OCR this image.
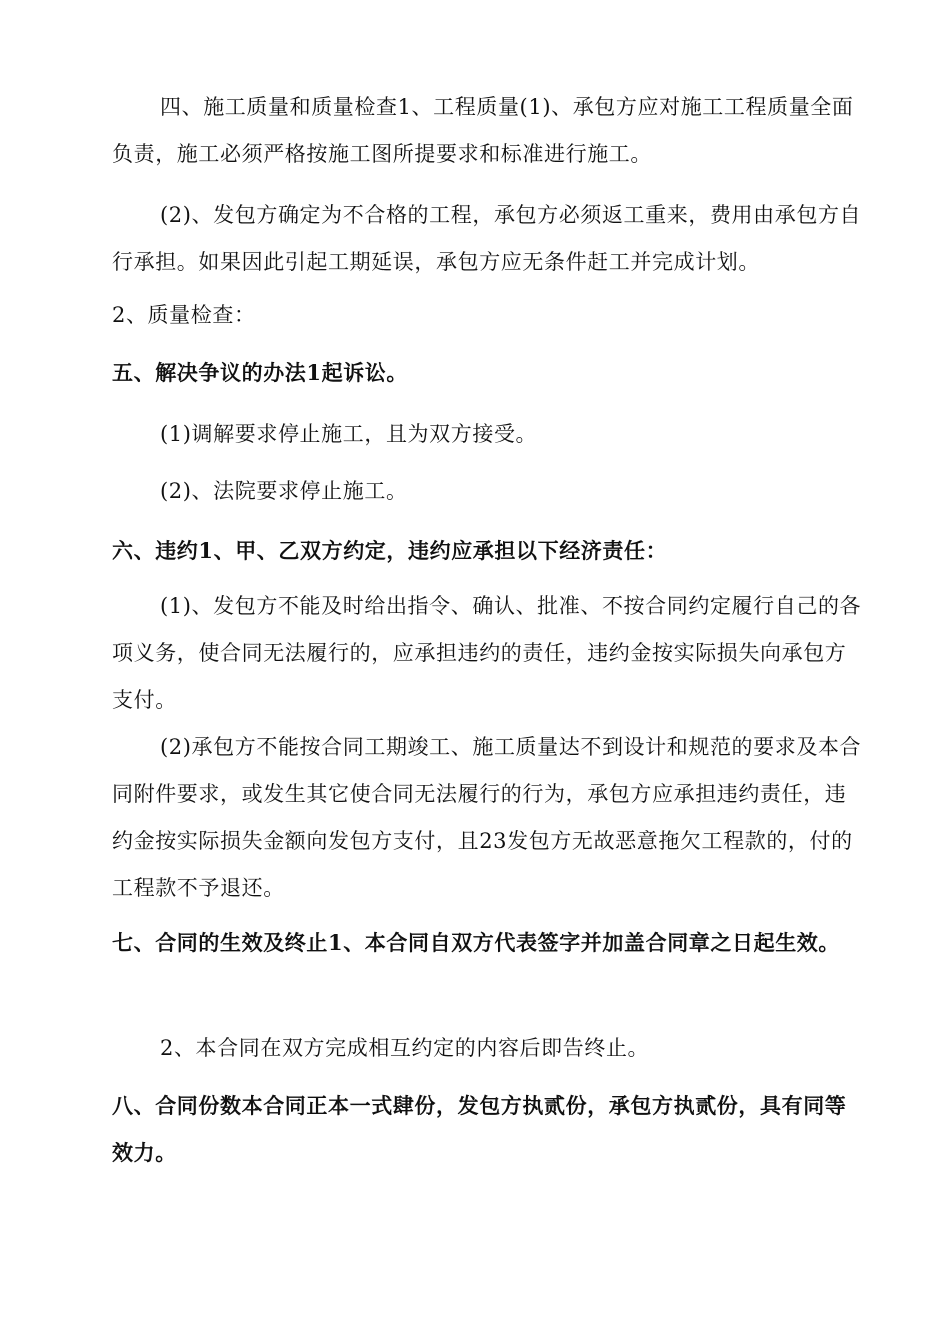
四、施工质量和质量检查1、工程质量(1)、承包方应对施工工程质量全面负责，施工必须严格按施工图所提要求和标准进行施工。

(2)、发包方确定为不合格的工程，承包方必须返工重来，费用由承包方自行承担。如果因此引起工期延误，承包方应无条件赶工并完成计划。

2、质量检查：

五、解决争议的办法1起诉讼。

(1)调解要求停止施工，且为双方接受。

(2)、法院要求停止施工。

六、违约1、甲、乙双方约定，违约应承担以下经济责任：

(1)、发包方不能及时给出指令、确认、批准、不按合同约定履行自己的各项义务，使合同无法履行的，应承担违约的责任，违约金按实际损失向承包方支付。

(2)承包方不能按合同工期竣工、施工质量达不到设计和规范的要求及本合同附件要求，或发生其它使合同无法履行的行为，承包方应承担违约责任，违约金按实际损失金额向发包方支付，且23发包方无故恶意拖欠工程款的，付的工程款不予退还。

七、合同的生效及终止1、本合同自双方代表签字并加盖合同章之日起生效。

2、本合同在双方完成相互约定的内容后即告终止。

八、合同份数本合同正本一式肆份，发包方执贰份，承包方执贰份，具有同等效力。
